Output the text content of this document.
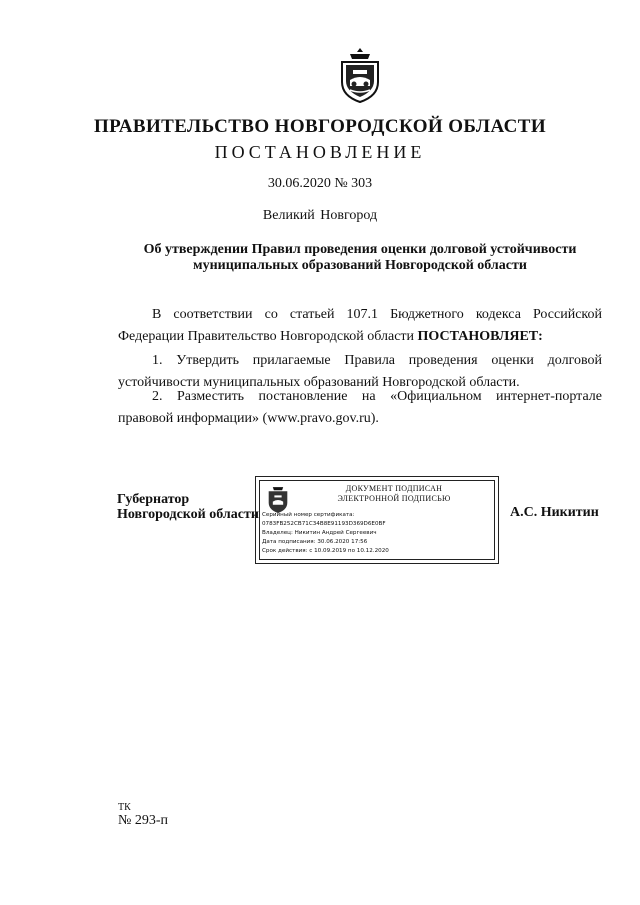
ПРАВИТЕЛЬСТВО НОВГОРОДСКОЙ ОБЛАСТИ
ПОСТАНОВЛЕНИЕ
30.06.2020 № 303
Великий Новгород
Об утверждении Правил проведения оценки долговой устойчивости муниципальных образований Новгородской области
В соответствии со статьей 107.1 Бюджетного кодекса Российской Федерации Правительство Новгородской области ПОСТАНОВЛЯЕТ:
1. Утвердить прилагаемые Правила проведения оценки долговой устойчивости муниципальных образований Новгородской области.
2. Разместить постановление на «Официальном интернет-портале правовой информации» (www.pravo.gov.ru).
Губернатор
Новгородской области
ДОКУМЕНТ ПОДПИСАН
ЭЛЕКТРОННОЙ ПОДПИСЬЮ
Серийный номер сертификата:
0783FB252CB71C34B8E91193D369D6E0BF
Владелец: Никитин Андрей Сергеевич
Дата подписания: 30.06.2020 17:56
Срок действия: с 10.09.2019 по 10.12.2020
А.С. Никитин
ТК
№ 293-п
